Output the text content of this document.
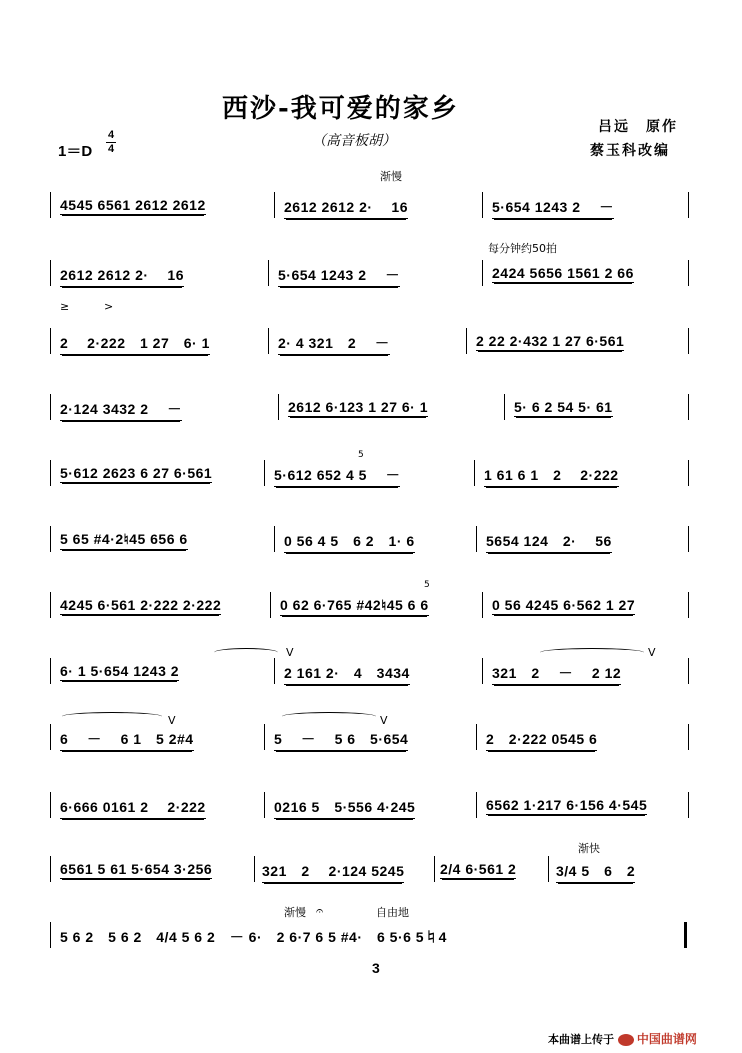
西沙-我可爱的家乡
（高音板胡）
吕远　原作
蔡玉科改编
1＝D
4
4
渐慢
每分钟约50拍
≥	>
渐快
渐慢 𝄐	自由地
V	V
V	V
4545 6561 2612 2612	2612 2612 2·　 16	5·654 1243 2　 －
2612 2612 2·　 16	5·654 1243 2　 －	2424 5656 1561 2 66
2　 2·222　1 27　6· 1	2· 4 321　2　 －	2 22 2·432 1 27 6·561
2·124 3432 2　 －	2612 6·123 1 27 6· 1	5· 6 2 54 5· 61
5·612 2623 6 27 6·561	5·612 652 4 5　 －	1 61 6 1　2　 2·222
5
5 65 #4·2♮45 656 6	0 56 4 5　6 2　1· 6	5654 124　2·　 56
4245 6·561 2·222 2·222	0 62 6·765 #42♮45 6 6	0 56 4245 6·562 1 27
5
6· 1 5·654 1243 2	2 161 2·　4　3434	321　2　 －　 2 12
6　 －　 6 1　5 2#4	5　 －　 5 6　5·654	2　2·222 0545 6
6·666 0161 2　 2·222	0216 5　5·556 4·245	6562 1·217 6·156 4·545
6561 5 61 5·654 3·256	321　2　 2·124 5245	2/4 6·561 2	3/4 5　6　2
5 6 2　5 6 2　4/4 5 6 2　－ 6·　2 6·7 6 5 #4·　6 5·6 5♮4
3
本曲谱上传于 中国曲谱网
